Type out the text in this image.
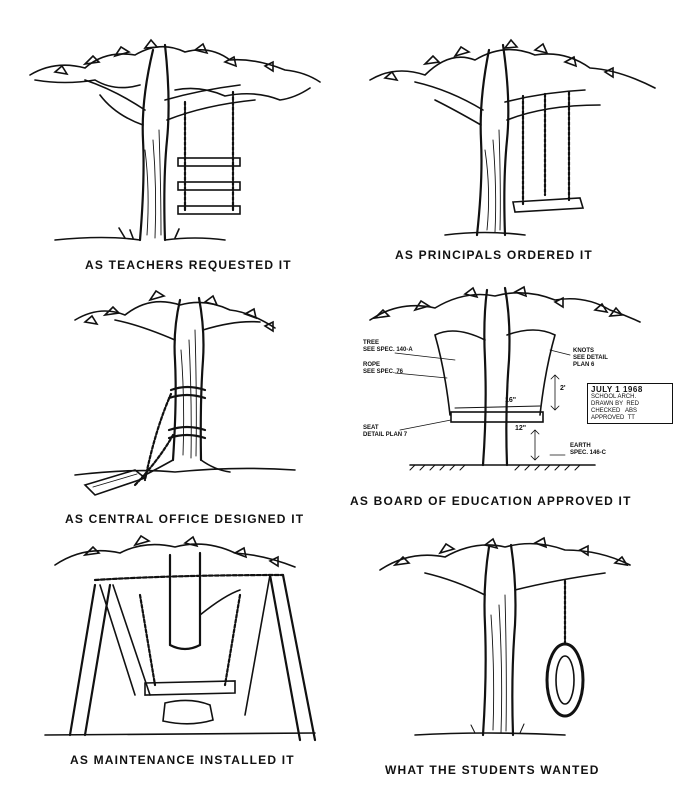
AS TEACHERS REQUESTED IT
AS PRINCIPALS ORDERED IT
AS CENTRAL OFFICE DESIGNED IT
TREE
SEE SPEC. 140-A
ROPE
SEE SPEC. 76
KNOTS
SEE DETAIL
PLAN 6
SEAT
DETAIL PLAN 7
EARTH
SPEC. 146-C
2'
16"
12"
JULY 1 1968
SCHOOL ARCH.
DRAWN BY  RED
CHECKED   ABS
APPROVED  TT
AS BOARD OF EDUCATION APPROVED IT
AS MAINTENANCE INSTALLED IT
WHAT THE STUDENTS WANTED
